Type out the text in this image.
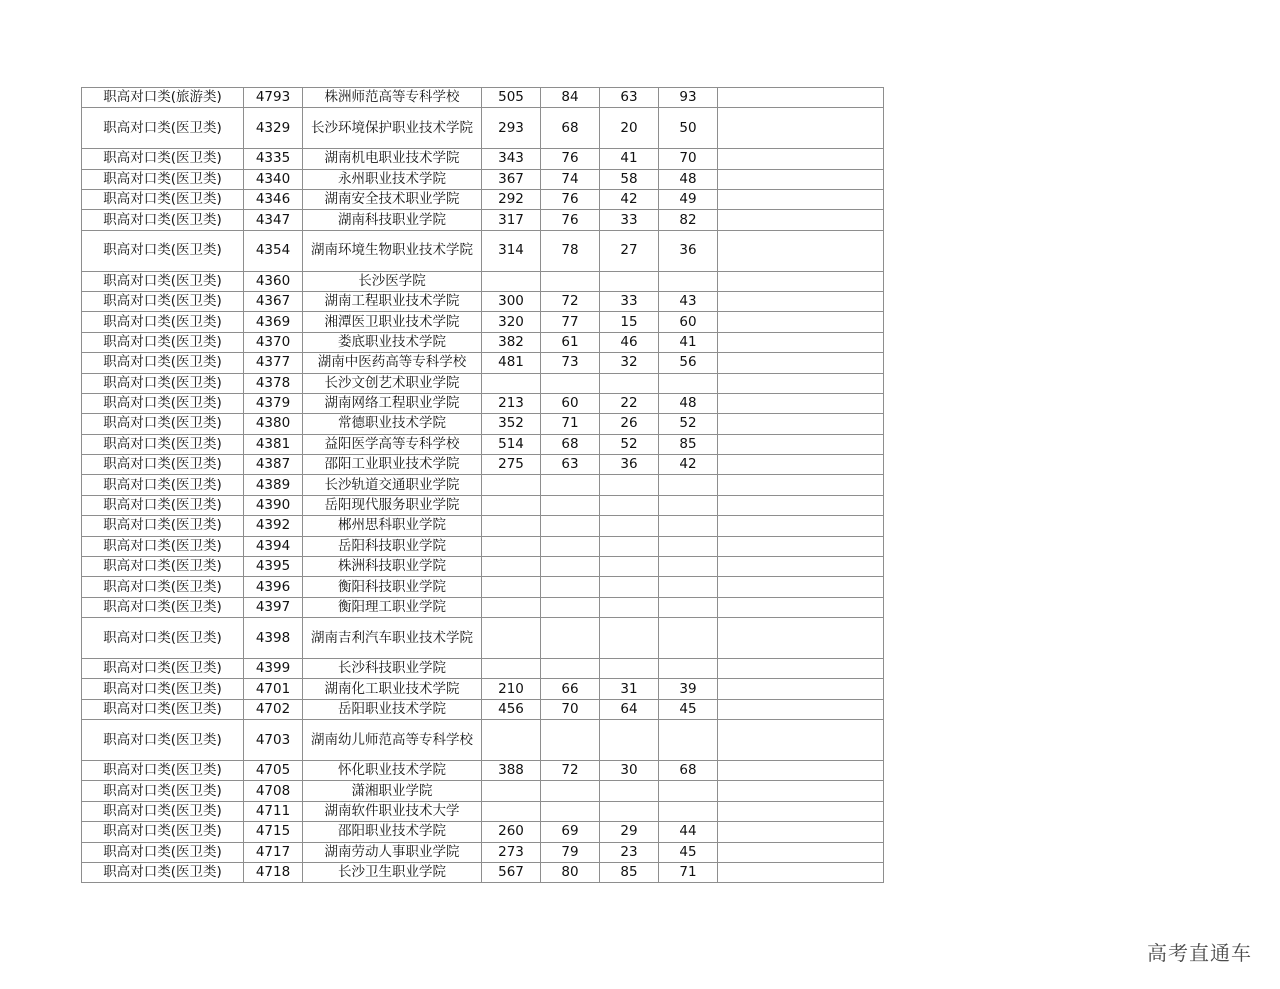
职高对口类(旅游类)	4793	株洲师范高等专科学校	505	84	63	93	
职高对口类(医卫类)	4329	长沙环境保护职业技术学院	293	68	20	50	
职高对口类(医卫类)	4335	湖南机电职业技术学院	343	76	41	70	
职高对口类(医卫类)	4340	永州职业技术学院	367	74	58	48	
职高对口类(医卫类)	4346	湖南安全技术职业学院	292	76	42	49	
职高对口类(医卫类)	4347	湖南科技职业学院	317	76	33	82	
职高对口类(医卫类)	4354	湖南环境生物职业技术学院	314	78	27	36	
职高对口类(医卫类)	4360	长沙医学院					
职高对口类(医卫类)	4367	湖南工程职业技术学院	300	72	33	43	
职高对口类(医卫类)	4369	湘潭医卫职业技术学院	320	77	15	60	
职高对口类(医卫类)	4370	娄底职业技术学院	382	61	46	41	
职高对口类(医卫类)	4377	湖南中医药高等专科学校	481	73	32	56	
职高对口类(医卫类)	4378	长沙文创艺术职业学院					
职高对口类(医卫类)	4379	湖南网络工程职业学院	213	60	22	48	
职高对口类(医卫类)	4380	常德职业技术学院	352	71	26	52	
职高对口类(医卫类)	4381	益阳医学高等专科学校	514	68	52	85	
职高对口类(医卫类)	4387	邵阳工业职业技术学院	275	63	36	42	
职高对口类(医卫类)	4389	长沙轨道交通职业学院					
职高对口类(医卫类)	4390	岳阳现代服务职业学院					
职高对口类(医卫类)	4392	郴州思科职业学院					
职高对口类(医卫类)	4394	岳阳科技职业学院					
职高对口类(医卫类)	4395	株洲科技职业学院					
职高对口类(医卫类)	4396	衡阳科技职业学院					
职高对口类(医卫类)	4397	衡阳理工职业学院					
职高对口类(医卫类)	4398	湖南吉利汽车职业技术学院					
职高对口类(医卫类)	4399	长沙科技职业学院					
职高对口类(医卫类)	4701	湖南化工职业技术学院	210	66	31	39	
职高对口类(医卫类)	4702	岳阳职业技术学院	456	70	64	45	
职高对口类(医卫类)	4703	湖南幼儿师范高等专科学校					
职高对口类(医卫类)	4705	怀化职业技术学院	388	72	30	68	
职高对口类(医卫类)	4708	潇湘职业学院					
职高对口类(医卫类)	4711	湖南软件职业技术大学					
职高对口类(医卫类)	4715	邵阳职业技术学院	260	69	29	44	
职高对口类(医卫类)	4717	湖南劳动人事职业学院	273	79	23	45	
职高对口类(医卫类)	4718	长沙卫生职业学院	567	80	85	71	
高考直通车
